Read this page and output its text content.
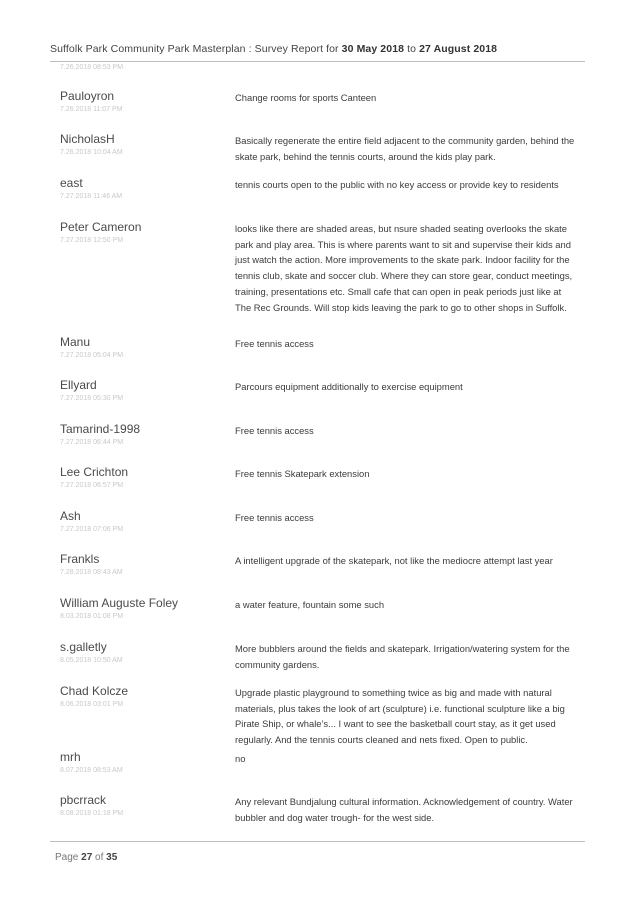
Suffolk Park Community Park Masterplan : Survey Report for 30 May 2018 to 27 August 2018
7.26.2018 08:53 PM
Pauloyron
7.26.2018 11:07 PM
Change rooms for sports Canteen
NicholasH
7.26.2018 10:04 AM
Basically regenerate the entire field adjacent to the community garden, behind the skate park, behind the tennis courts, around the kids play park.
east
7.27.2018 11:46 AM
tennis courts open to the public with no key access or provide key to residents
Peter Cameron
7.27.2018 12:50 PM
looks like there are shaded areas, but nsure shaded seating overlooks the skate park and play area. This is where parents want to sit and supervise their kids and just watch the action. More improvements to the skate park. Indoor facility for the tennis club, skate and soccer club. Where they can store gear, conduct meetings, training, presentations etc. Small cafe that can open in peak periods just like at The Rec Grounds. Will stop kids leaving the park to go to other shops in Suffolk.
Manu
7.27.2018 05:04 PM
Free tennis access
Ellyard
7.27.2018 05:30 PM
Parcours equipment additionally to exercise equipment
Tamarind-1998
7.27.2018 06:44 PM
Free tennis access
Lee Crichton
7.27.2018 06:57 PM
Free tennis Skatepark extension
Ash
7.27.2018 07:06 PM
Free tennis access
Frankls
7.28.2018 08:43 AM
A intelligent upgrade of the skatepark, not like the mediocre attempt last year
William Auguste Foley
8.03.2018 01:08 PM
a water feature, fountain some such
s.galletly
8.05.2018 10:50 AM
More bubblers around the fields and skatepark. Irrigation/watering system for the community gardens.
Chad Kolcze
8.06.2018 03:01 PM
Upgrade plastic playground to something twice as big and made with natural materials, plus takes the look of art (sculpture) i.e. functional sculpture like a big Pirate Ship, or whale’s... I want to see the basketball court stay, as it get used regularly. And the tennis courts cleaned and nets fixed. Open to public.
mrh
8.07.2018 08:53 AM
no
pbcrrack
8.08.2018 01:18 PM
Any relevant Bundjalung cultural information. Acknowledgement of country. Water bubbler and dog water trough- for the west side.
Page 27 of 35
